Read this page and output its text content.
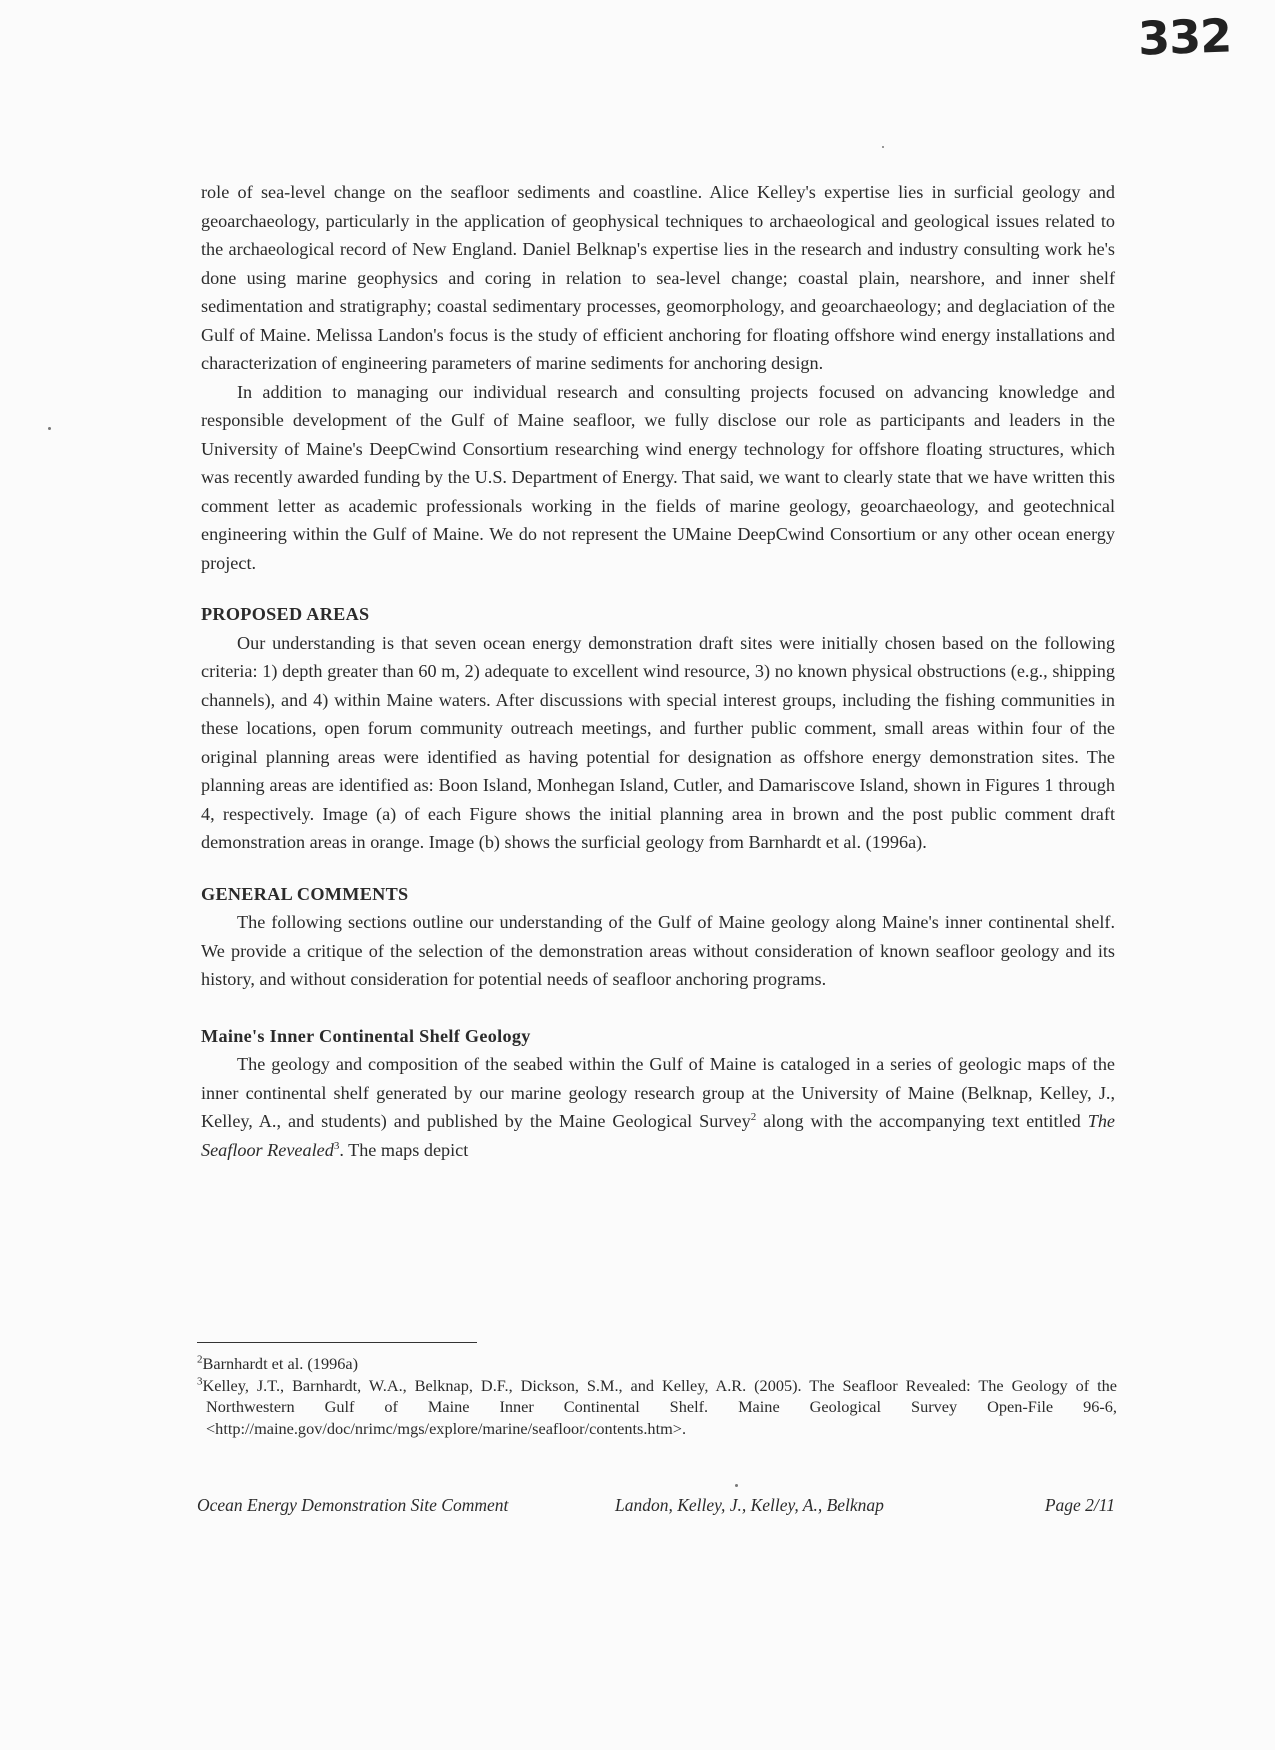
332

role of sea-level change on the seafloor sediments and coastline. Alice Kelley's expertise lies in surficial geology and geoarchaeology, particularly in the application of geophysical techniques to archaeological and geological issues related to the archaeological record of New England. Daniel Belknap's expertise lies in the research and industry consulting work he's done using marine geophysics and coring in relation to sea-level change; coastal plain, nearshore, and inner shelf sedimentation and stratigraphy; coastal sedimentary processes, geomorphology, and geoarchaeology; and deglaciation of the Gulf of Maine. Melissa Landon's focus is the study of efficient anchoring for floating offshore wind energy installations and characterization of engineering parameters of marine sediments for anchoring design.

In addition to managing our individual research and consulting projects focused on advancing knowledge and responsible development of the Gulf of Maine seafloor, we fully disclose our role as participants and leaders in the University of Maine's DeepCwind Consortium researching wind energy technology for offshore floating structures, which was recently awarded funding by the U.S. Department of Energy. That said, we want to clearly state that we have written this comment letter as academic professionals working in the fields of marine geology, geoarchaeology, and geotechnical engineering within the Gulf of Maine. We do not represent the UMaine DeepCwind Consortium or any other ocean energy project.

PROPOSED AREAS

Our understanding is that seven ocean energy demonstration draft sites were initially chosen based on the following criteria: 1) depth greater than 60 m, 2) adequate to excellent wind resource, 3) no known physical obstructions (e.g., shipping channels), and 4) within Maine waters. After discussions with special interest groups, including the fishing communities in these locations, open forum community outreach meetings, and further public comment, small areas within four of the original planning areas were identified as having potential for designation as offshore energy demonstration sites. The planning areas are identified as: Boon Island, Monhegan Island, Cutler, and Damariscove Island, shown in Figures 1 through 4, respectively. Image (a) of each Figure shows the initial planning area in brown and the post public comment draft demonstration areas in orange. Image (b) shows the surficial geology from Barnhardt et al. (1996a).

GENERAL COMMENTS

The following sections outline our understanding of the Gulf of Maine geology along Maine's inner continental shelf. We provide a critique of the selection of the demonstration areas without consideration of known seafloor geology and its history, and without consideration for potential needs of seafloor anchoring programs.

Maine's Inner Continental Shelf Geology

The geology and composition of the seabed within the Gulf of Maine is cataloged in a series of geologic maps of the inner continental shelf generated by our marine geology research group at the University of Maine (Belknap, Kelley, J., Kelley, A., and students) and published by the Maine Geological Survey$^2$ along with the accompanying text entitled The Seafloor Revealed$^3$. The maps depict

$^2$Barnhardt et al. (1996a)

$^3$Kelley, J.T., Barnhardt, W.A., Belknap, D.F., Dickson, S.M., and Kelley, A.R. (2005). The Seafloor Revealed: The Geology of the Northwestern Gulf of Maine Inner Continental Shelf. Maine Geological Survey Open-File 96-6, <http://maine.gov/doc/nrimc/mgs/explore/marine/seafloor/contents.htm>.

Ocean Energy Demonstration Site Comment	Landon, Kelley, J., Kelley, A., Belknap	Page 2/11
